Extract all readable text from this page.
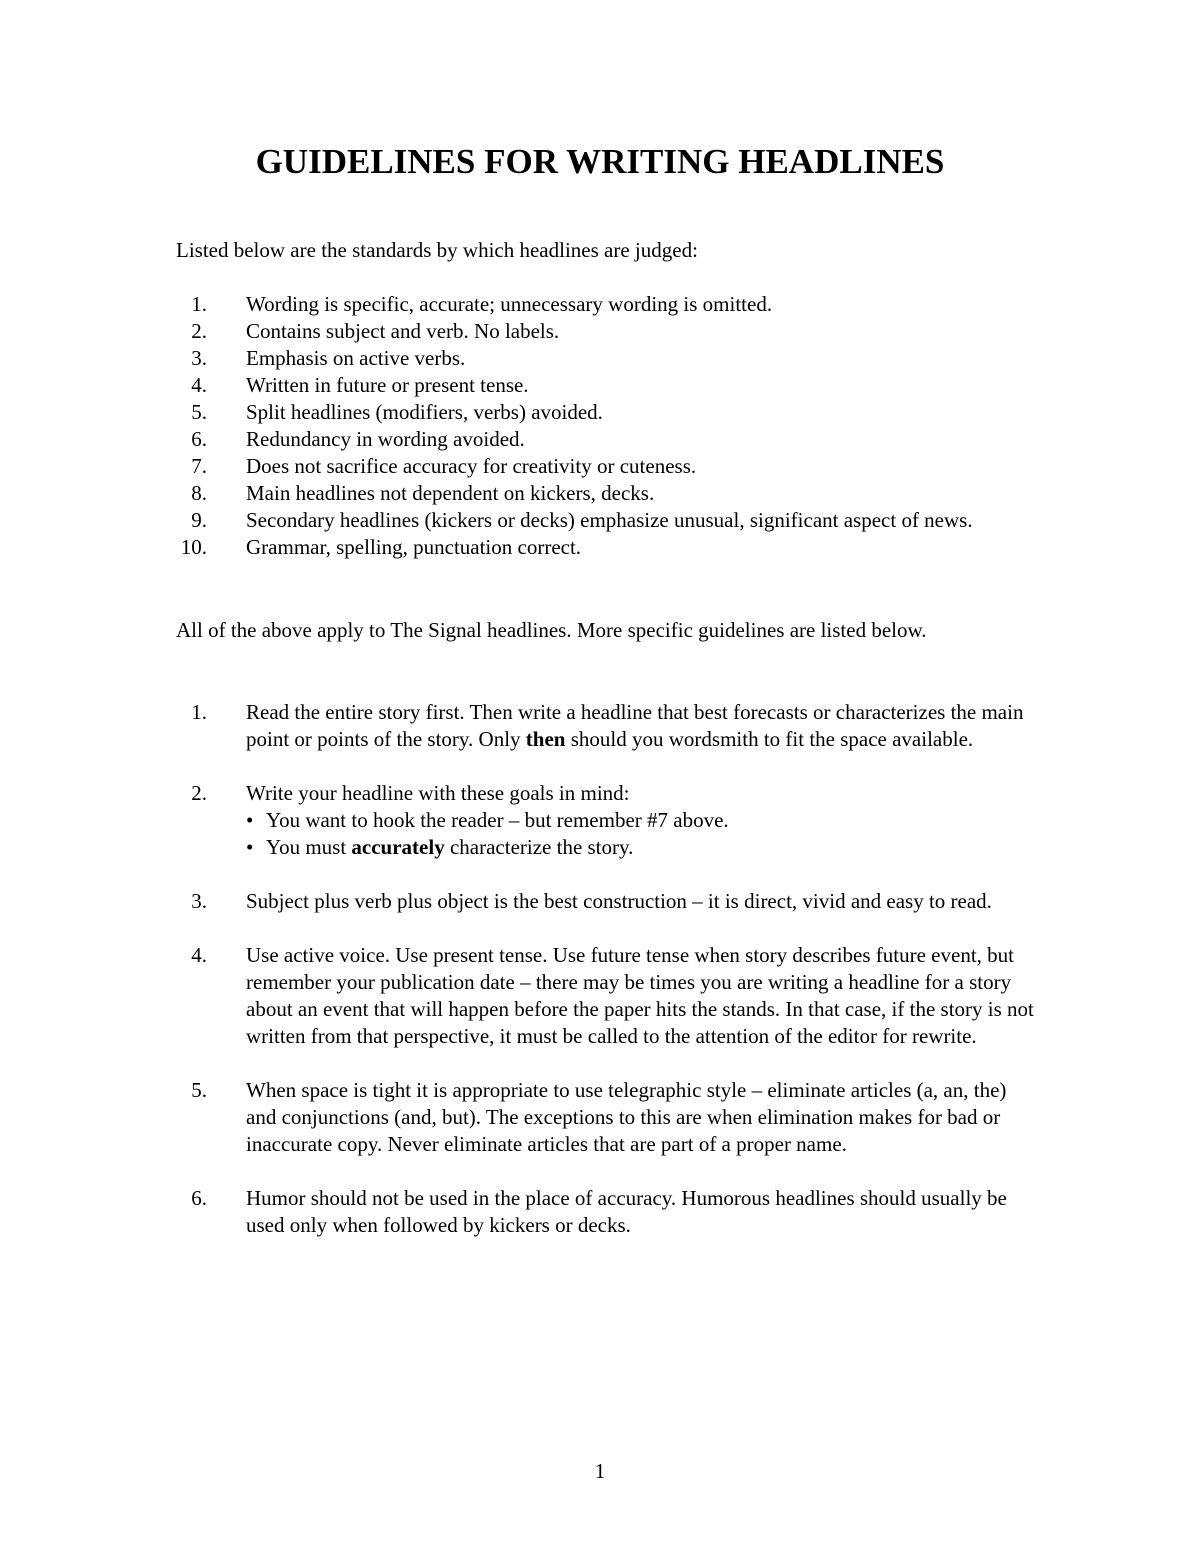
GUIDELINES FOR WRITING HEADLINES

Listed below are the standards by which headlines are judged:

1. Wording is specific, accurate; unnecessary wording is omitted.
2. Contains subject and verb. No labels.
3. Emphasis on active verbs.
4. Written in future or present tense.
5. Split headlines (modifiers, verbs) avoided.
6. Redundancy in wording avoided.
7. Does not sacrifice accuracy for creativity or cuteness.
8. Main headlines not dependent on kickers, decks.
9. Secondary headlines (kickers or decks) emphasize unusual, significant aspect of news.
10. Grammar, spelling, punctuation correct.

All of the above apply to The Signal headlines. More specific guidelines are listed below.

1. Read the entire story first. Then write a headline that best forecasts or characterizes the main point or points of the story. Only then should you wordsmith to fit the space available.
2. Write your headline with these goals in mind:
• You want to hook the reader – but remember #7 above.
• You must accurately characterize the story.
3. Subject plus verb plus object is the best construction – it is direct, vivid and easy to read.
4. Use active voice. Use present tense. Use future tense when story describes future event, but remember your publication date – there may be times you are writing a headline for a story about an event that will happen before the paper hits the stands. In that case, if the story is not written from that perspective, it must be called to the attention of the editor for rewrite.
5. When space is tight it is appropriate to use telegraphic style – eliminate articles (a, an, the) and conjunctions (and, but). The exceptions to this are when elimination makes for bad or inaccurate copy. Never eliminate articles that are part of a proper name.
6. Humor should not be used in the place of accuracy. Humorous headlines should usually be used only when followed by kickers or decks.
1
